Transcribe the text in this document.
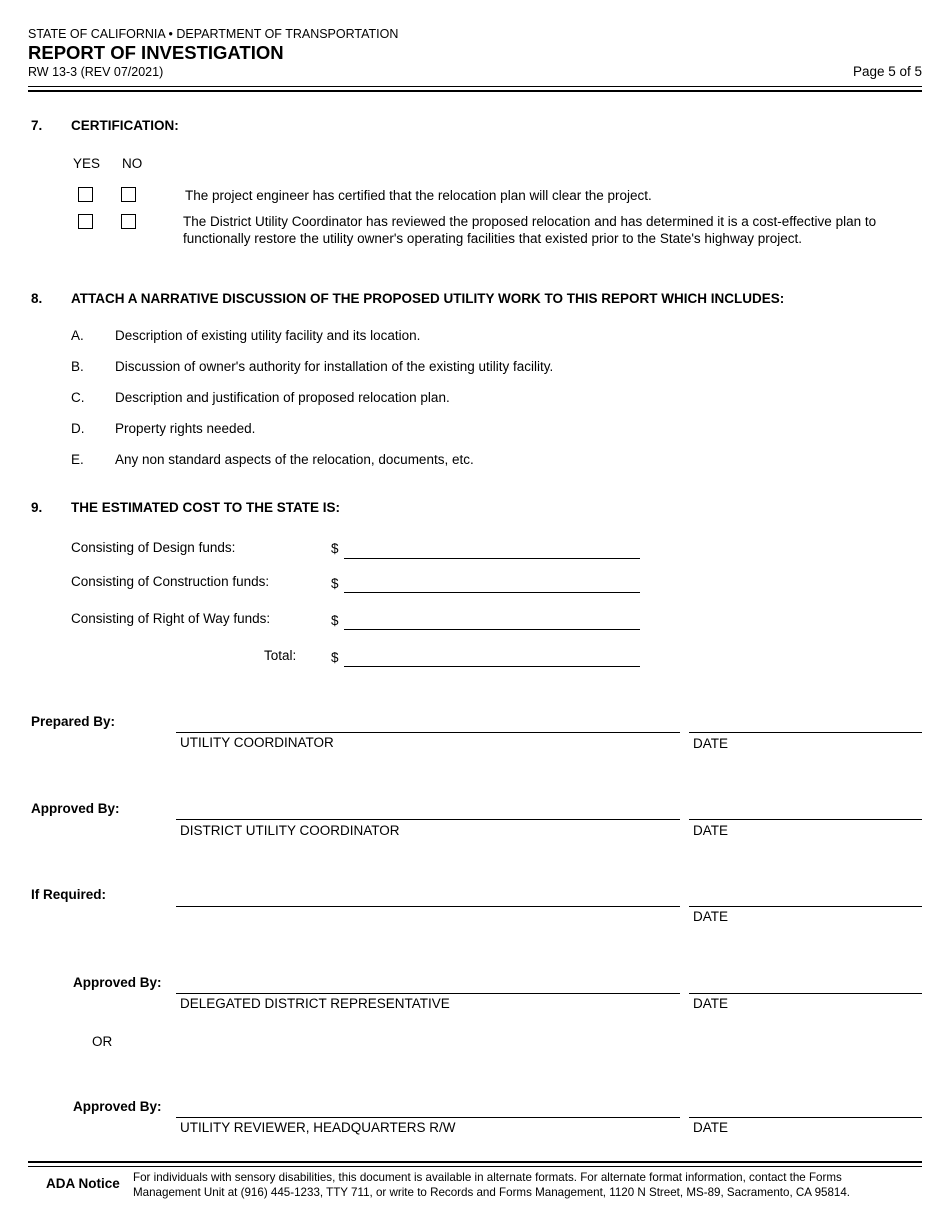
STATE OF CALIFORNIA • DEPARTMENT OF TRANSPORTATION
REPORT OF INVESTIGATION
RW 13-3 (REV 07/2021)	Page 5 of 5
7. CERTIFICATION:
YES NO
The project engineer has certified that the relocation plan will clear the project.
The District Utility Coordinator has reviewed the proposed relocation and has determined it is a cost-effective plan to functionally restore the utility owner's operating facilities that existed prior to the State's highway project.
8. ATTACH A NARRATIVE DISCUSSION OF THE PROPOSED UTILITY WORK TO THIS REPORT WHICH INCLUDES:
A. Description of existing utility facility and its location.
B. Discussion of owner's authority for installation of the existing utility facility.
C. Description and justification of proposed relocation plan.
D. Property rights needed.
E. Any non standard aspects of the relocation, documents, etc.
9. THE ESTIMATED COST TO THE STATE IS:
Consisting of Design funds:	$
Consisting of Construction funds:	$
Consisting of Right of Way funds:	$
Total:	$
Prepared By:
UTILITY COORDINATOR	DATE
Approved By:
DISTRICT UTILITY COORDINATOR	DATE
If Required:
DATE
Approved By:
DELEGATED DISTRICT REPRESENTATIVE	DATE
OR
Approved By:
UTILITY REVIEWER, HEADQUARTERS R/W	DATE
ADA Notice For individuals with sensory disabilities, this document is available in alternate formats. For alternate format information, contact the Forms
Management Unit at (916) 445-1233, TTY 711, or write to Records and Forms Management, 1120 N Street, MS-89, Sacramento, CA 95814.
